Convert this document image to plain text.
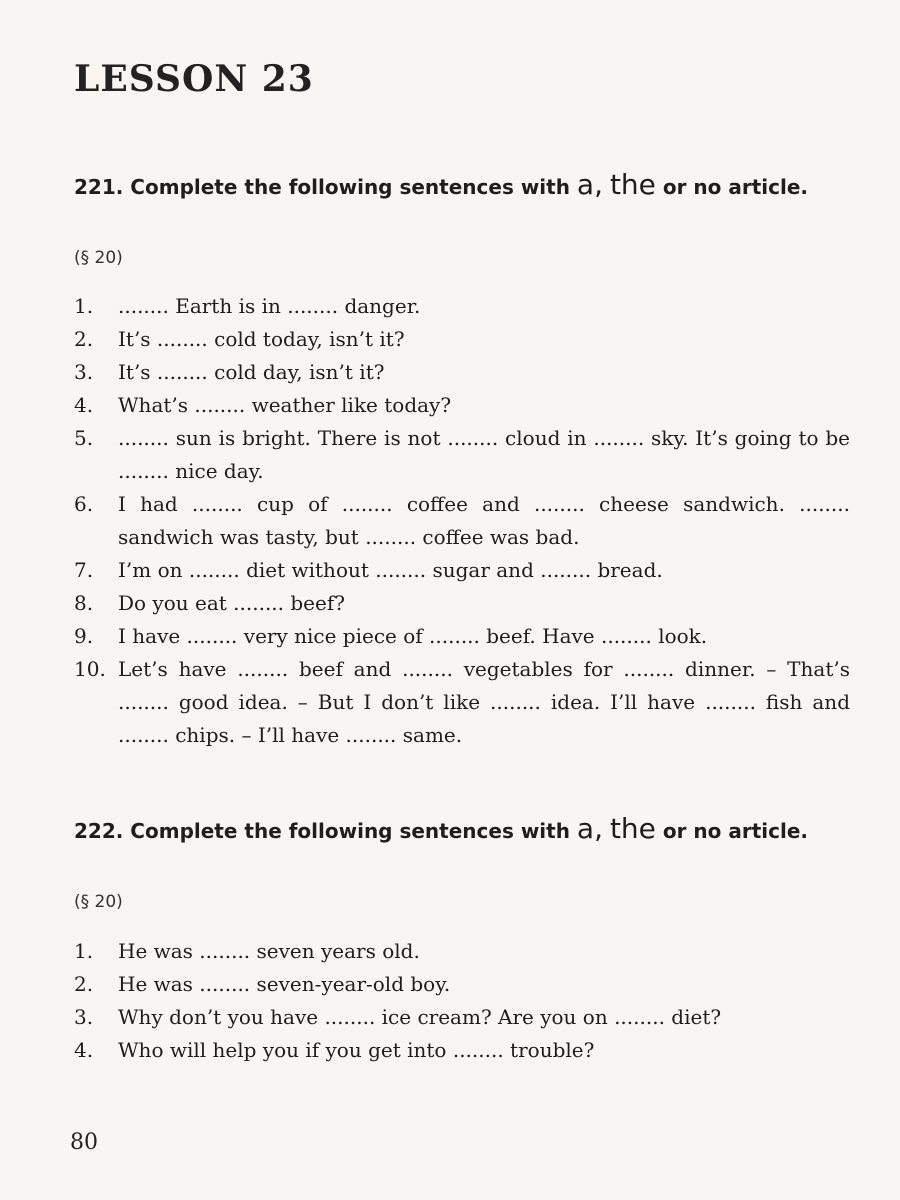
LESSON 23
221. Complete the following sentences with a, the or no article.
(§ 20)
1.	........ Earth is in ........ danger.
2.	It’s ........ cold today, isn’t it?
3.	It’s ........ cold day, isn’t it?
4.	What’s ........ weather like today?
5.	........ sun is bright. There is not ........ cloud in ........ sky. It’s going to be ........ nice day.
6.	I had ........ cup of ........ coffee and ........ cheese sandwich. ........ sandwich was tasty, but ........ coffee was bad.
7.	I’m on ........ diet without ........ sugar and ........ bread.
8.	Do you eat ........ beef?
9.	I have ........ very nice piece of ........ beef. Have ........ look.
10. Let’s have ........ beef and ........ vegetables for ........ dinner. – That’s ........ good idea. – But I don’t like ........ idea. I’ll have ........ fish and ........ chips. – I’ll have ........ same.
222. Complete the following sentences with a, the or no article.
(§ 20)
1.	He was ........ seven years old.
2.	He was ........ seven-year-old boy.
3.	Why don’t you have ........ ice cream? Are you on ........ diet?
4.	Who will help you if you get into ........ trouble?
80
